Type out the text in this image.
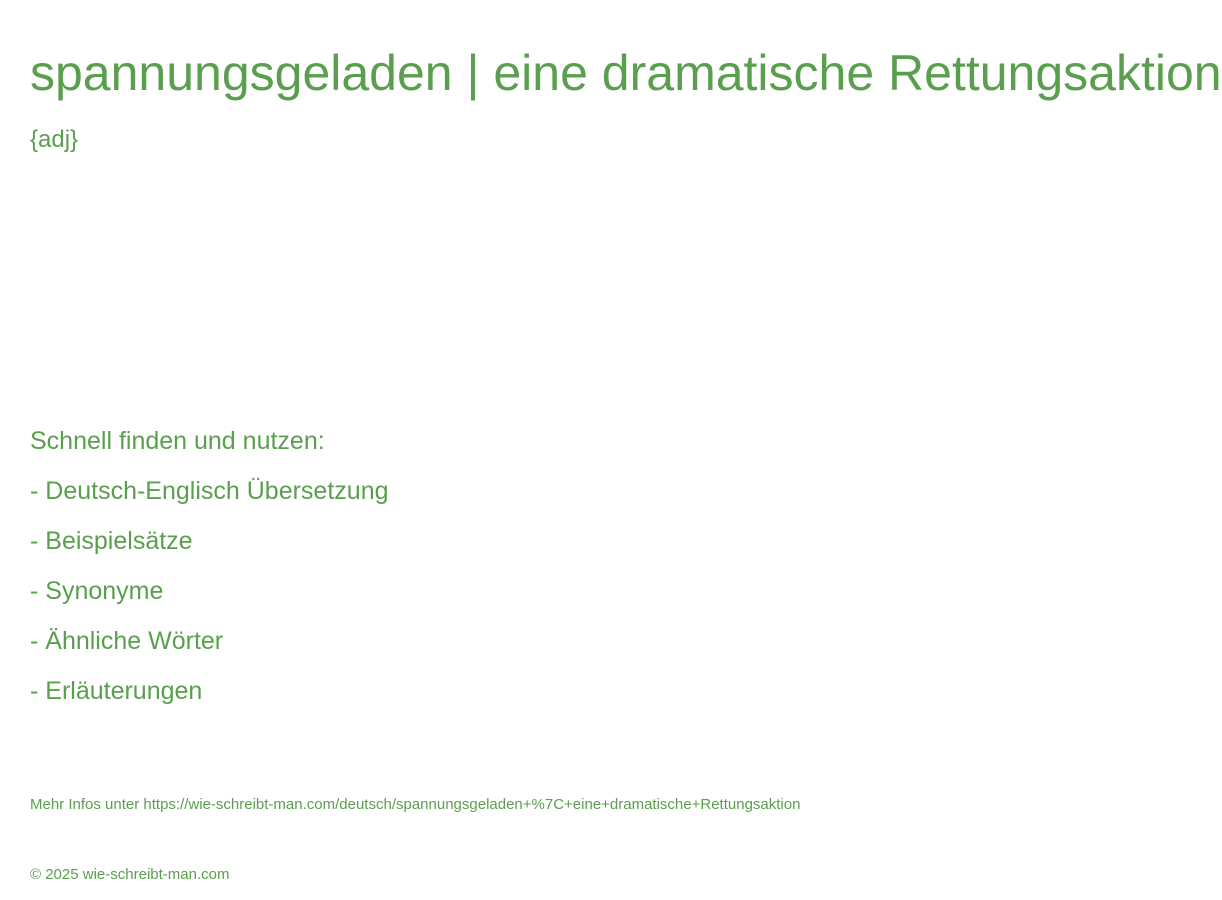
spannungsgeladen | eine dramatische Rettungsaktion
{adj}
Schnell finden und nutzen:
- Deutsch-Englisch Übersetzung
- Beispielsätze
- Synonyme
- Ähnliche Wörter
- Erläuterungen
Mehr Infos unter https://wie-schreibt-man.com/deutsch/spannungsgeladen+%7C+eine+dramatische+Rettungsaktion
© 2025 wie-schreibt-man.com
